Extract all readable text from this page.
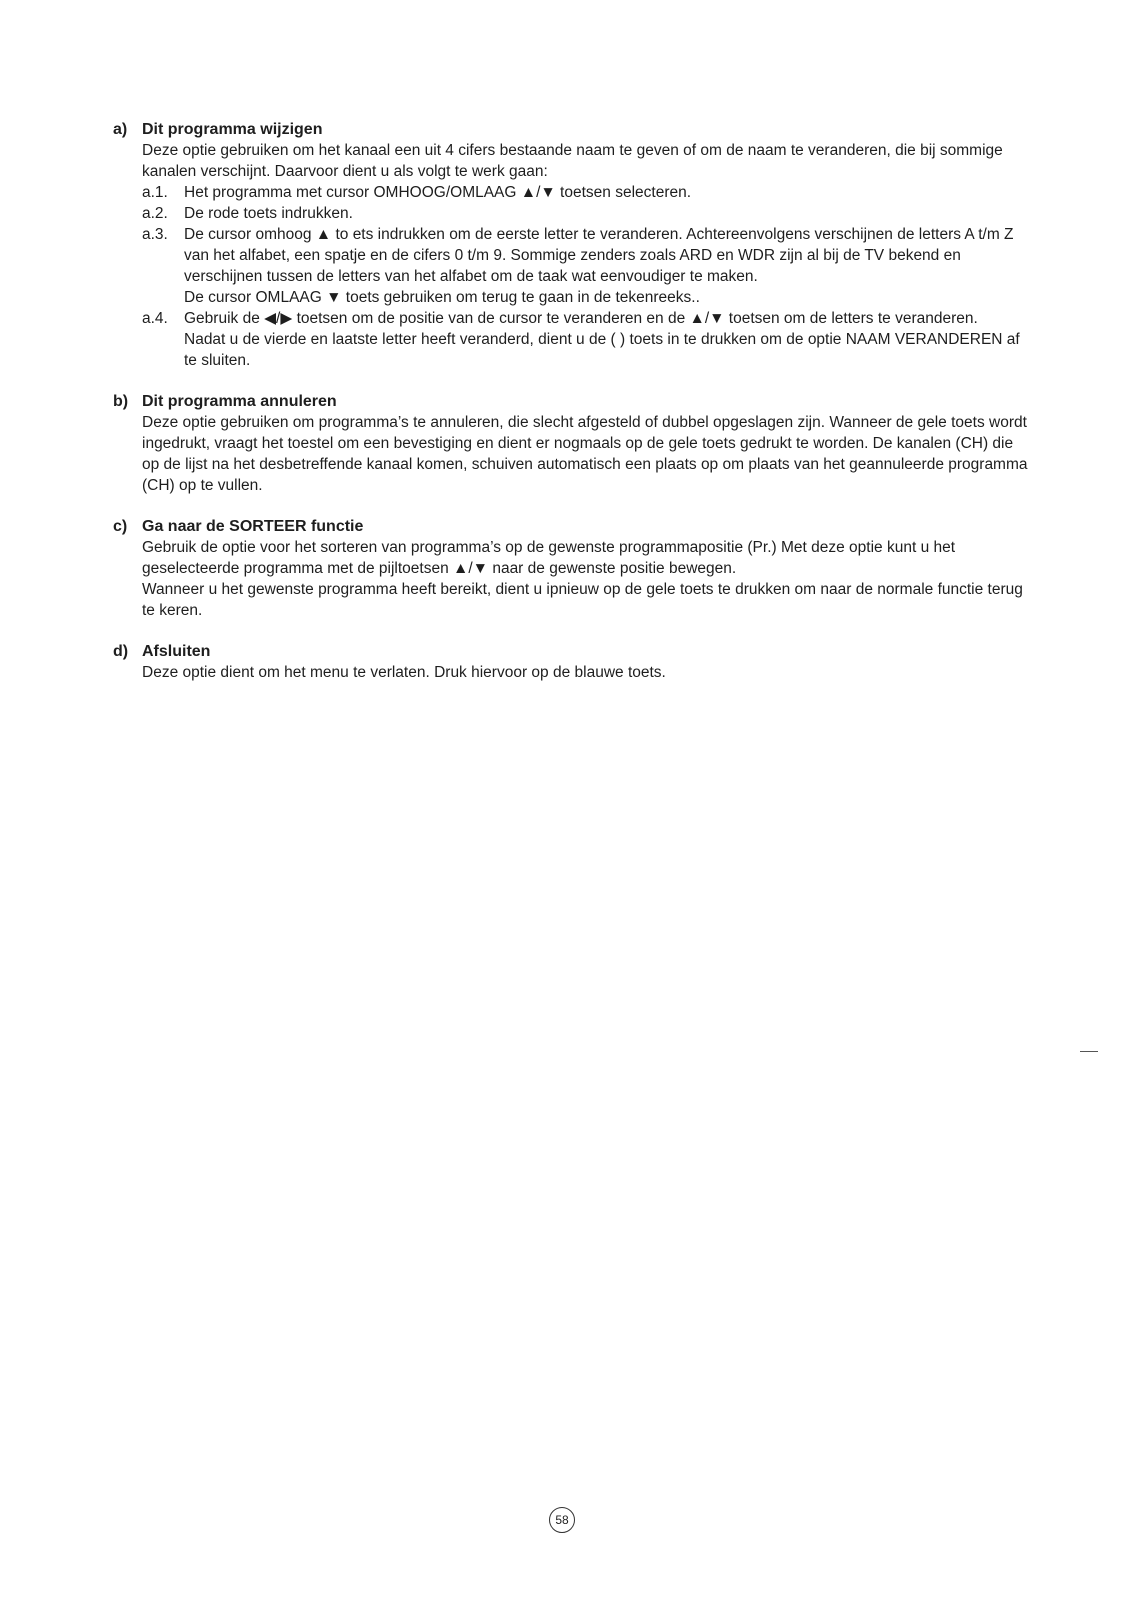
a) Dit programma wijzigen
Deze optie gebruiken om het kanaal een uit 4 cifers bestaande naam te geven of om de naam te veranderen, die bij sommige kanalen verschijnt. Daarvoor dient u als volgt te werk gaan:
a.1.	Het programma met cursor OMHOOG/OMLAAG ▲/▼ toetsen selecteren.
a.2.	De rode toets indrukken.
a.3.	De cursor omhoog ▲ to ets indrukken om de eerste letter te veranderen. Achtereenvolgens verschijnen de letters A t/m Z van het alfabet, een spatje en de cifers 0 t/m 9. Sommige zenders zoals ARD en WDR zijn al bij de TV bekend en verschijnen tussen de letters van het alfabet om de taak wat eenvoudiger te maken.
De cursor OMLAAG ▼ toets gebruiken om terug te gaan in de tekenreeks..
a.4.	Gebruik de ◀/▶ toetsen om de positie van de cursor te veranderen en de ▲/▼ toetsen om de letters te veranderen.
Nadat u de vierde en laatste letter heeft veranderd, dient u de ( ) toets in te drukken om de optie NAAM VERANDEREN af te sluiten.
b) Dit programma annuleren
Deze optie gebruiken om programma’s te annuleren, die slecht afgesteld of dubbel opgeslagen zijn. Wanneer de gele toets wordt ingedrukt, vraagt het toestel om een bevestiging en dient er nogmaals op de gele toets gedrukt te worden. De kanalen (CH) die op de lijst na het desbetreffende kanaal komen, schuiven automatisch een plaats op om plaats van het geannuleerde programma (CH) op te vullen.
c) Ga naar de SORTEER functie
Gebruik de optie voor het sorteren van programma’s op de gewenste programmapositie (Pr.) Met deze optie kunt u het geselecteerde programma met de pijltoetsen ▲/▼ naar de gewenste positie bewegen.
Wanneer u het gewenste programma heeft bereikt, dient u ipnieuw op de gele toets te drukken om naar de normale functie terug te keren.
d) Afsluiten
Deze optie dient om het menu te verlaten. Druk hiervoor op de blauwe toets.
58
